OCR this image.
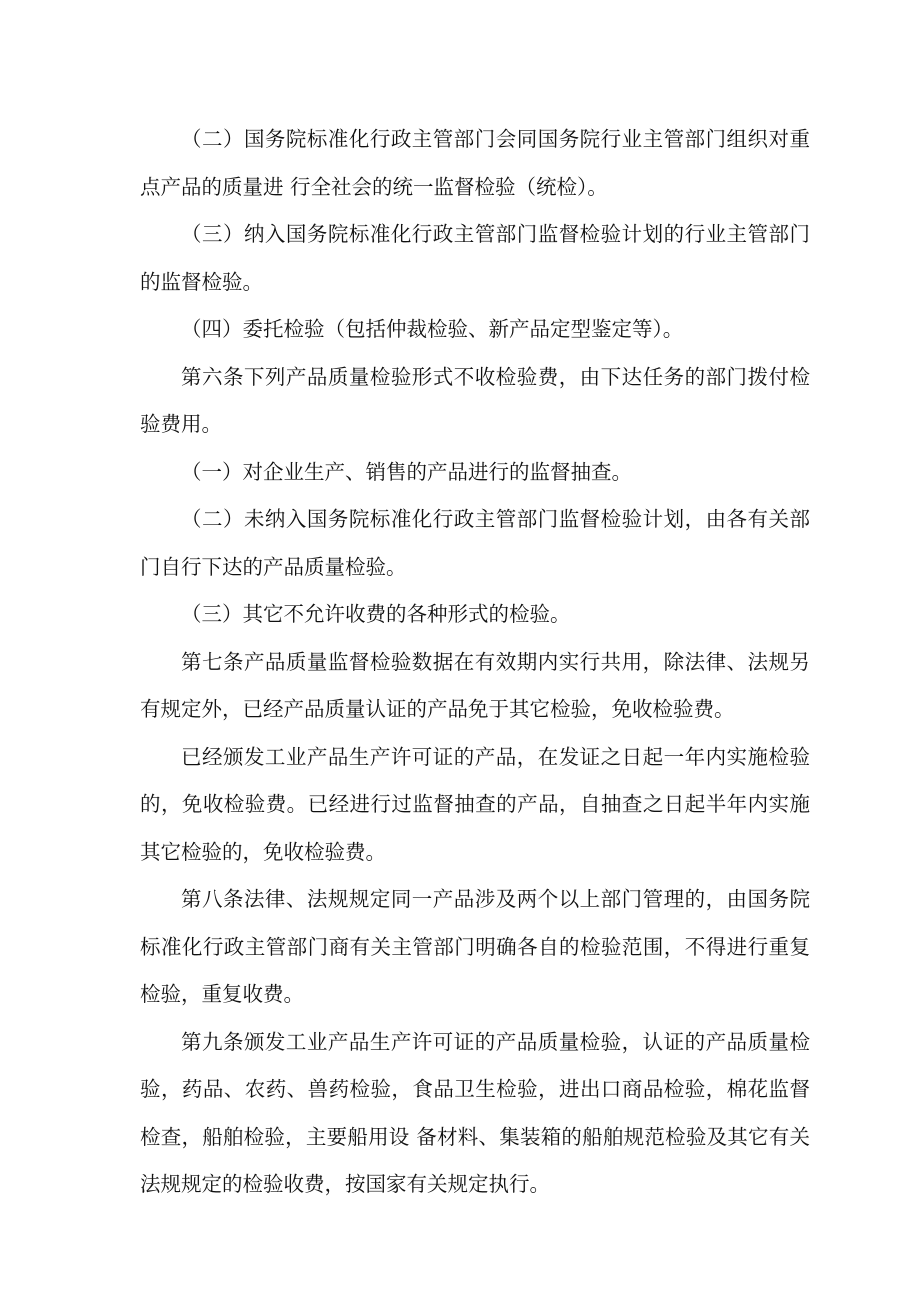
（二）国务院标准化行政主管部门会同国务院行业主管部门组织对重点产品的质量进 行全社会的统一监督检验（统检）。

（三）纳入国务院标准化行政主管部门监督检验计划的行业主管部门的监督检验。

（四）委托检验（包括仲裁检验、新产品定型鉴定等）。

第六条下列产品质量检验形式不收检验费，由下达任务的部门拨付检验费用。

（一）对企业生产、销售的产品进行的监督抽查。

（二）未纳入国务院标准化行政主管部门监督检验计划，由各有关部门自行下达的产品质量检验。

（三）其它不允许收费的各种形式的检验。

第七条产品质量监督检验数据在有效期内实行共用，除法律、法规另有规定外，已经产品质量认证的产品免于其它检验，免收检验费。

已经颁发工业产品生产许可证的产品，在发证之日起一年内实施检验的，免收检验费。已经进行过监督抽查的产品，自抽查之日起半年内实施其它检验的，免收检验费。

第八条法律、法规规定同一产品涉及两个以上部门管理的，由国务院标准化行政主管部门商有关主管部门明确各自的检验范围，不得进行重复检验，重复收费。

第九条颁发工业产品生产许可证的产品质量检验，认证的产品质量检验，药品、农药、兽药检验，食品卫生检验，进出口商品检验，棉花监督检查，船舶检验，主要船用设 备材料、集装箱的船舶规范检验及其它有关法规规定的检验收费，按国家有关规定执行。
